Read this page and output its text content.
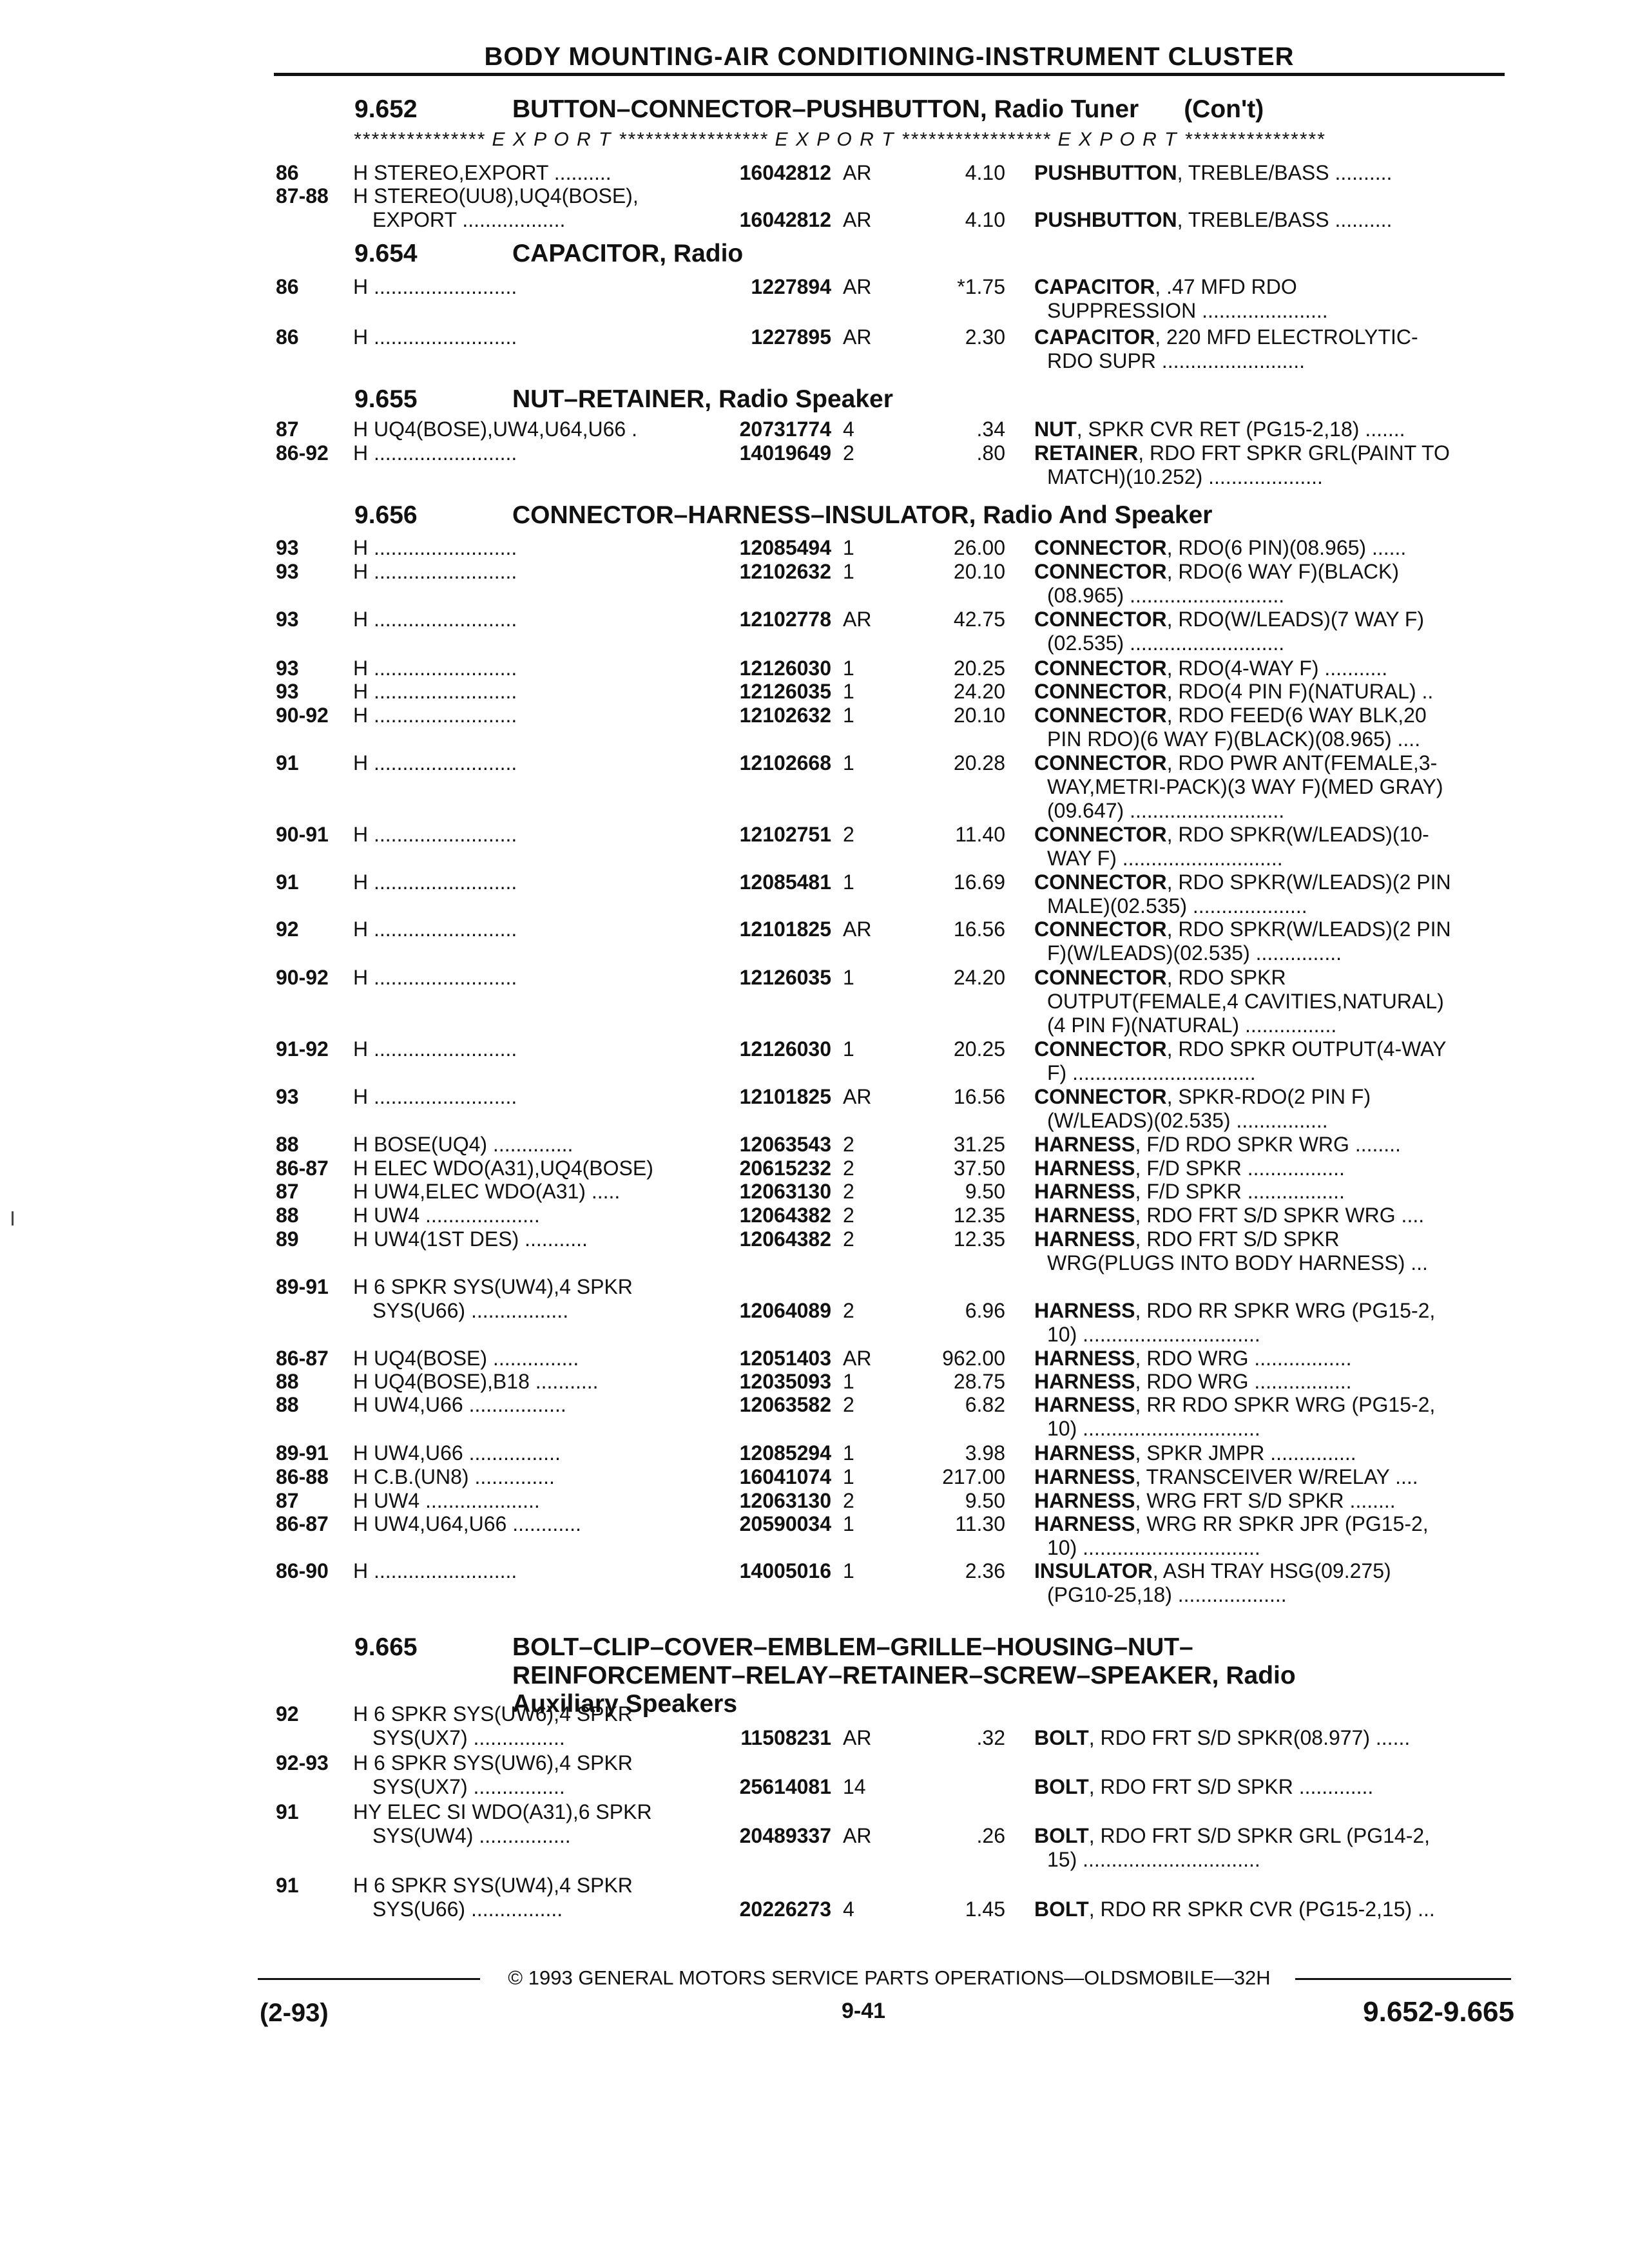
BODY MOUNTING-AIR CONDITIONING-INSTRUMENT CLUSTER
*************** E X P O R T ***************** E X P O R T ***************** E X P O R T ****************
9.652	BUTTON–CONNECTOR–PUSHBUTTON, Radio Tuner (Con't)
86	H STEREO,EXPORT ..........	16042812 AR	4.10 PUSHBUTTON, TREBLE/BASS ..........
87-88 H STEREO(UU8),UQ4(BOSE),
EXPORT ..................	16042812 AR	4.10 PUSHBUTTON, TREBLE/BASS ..........
9.654	CAPACITOR, Radio
86	H .........................	1227894 AR	*1.75 CAPACITOR, .47 MFD RDO
SUPPRESSION ......................
86	H .........................	1227895 AR	2.30 CAPACITOR, 220 MFD ELECTROLYTIC-
RDO SUPR .........................
9.655	NUT–RETAINER, Radio Speaker
87	H UQ4(BOSE),UW4,U64,U66 .	20731774 4	.34 NUT, SPKR CVR RET (PG15-2,18) .......
86-92 H .........................	14019649 2	.80 RETAINER, RDO FRT SPKR GRL(PAINT TO
MATCH)(10.252) ....................
9.656	CONNECTOR–HARNESS–INSULATOR, Radio And Speaker
93	H .........................	12085494 1	26.00 CONNECTOR, RDO(6 PIN)(08.965) ......
93	H .........................	12102632 1	20.10 CONNECTOR, RDO(6 WAY F)(BLACK)
(08.965) ...........................
93	H .........................	12102778 AR	42.75 CONNECTOR, RDO(W/LEADS)(7 WAY F)
(02.535) ...........................
93	H .........................	12126030 1	20.25 CONNECTOR, RDO(4-WAY F) ...........
93	H .........................	12126035 1	24.20 CONNECTOR, RDO(4 PIN F)(NATURAL) ..
90-92 H .........................	12102632 1	20.10 CONNECTOR, RDO FEED(6 WAY BLK,20
PIN RDO)(6 WAY F)(BLACK)(08.965) ....
91	H .........................	12102668 1	20.28 CONNECTOR, RDO PWR ANT(FEMALE,3-
WAY,METRI-PACK)(3 WAY F)(MED GRAY)
(09.647) ...........................
90-91 H .........................	12102751 2	11.40 CONNECTOR, RDO SPKR(W/LEADS)(10-
WAY F) ............................
91	H .........................	12085481 1	16.69 CONNECTOR, RDO SPKR(W/LEADS)(2 PIN
MALE)(02.535) ....................
92	H .........................	12101825 AR	16.56 CONNECTOR, RDO SPKR(W/LEADS)(2 PIN
F)(W/LEADS)(02.535) ...............
90-92 H .........................	12126035 1	24.20 CONNECTOR, RDO SPKR
OUTPUT(FEMALE,4 CAVITIES,NATURAL)
(4 PIN F)(NATURAL) ................
91-92 H .........................	12126030 1	20.25 CONNECTOR, RDO SPKR OUTPUT(4-WAY
F) ................................
93	H .........................	12101825 AR	16.56 CONNECTOR, SPKR-RDO(2 PIN F)
(W/LEADS)(02.535) ................
88	H BOSE(UQ4) ..............	12063543 2	31.25 HARNESS, F/D RDO SPKR WRG ........
86-87 H ELEC WDO(A31),UQ4(BOSE)	20615232 2	37.50 HARNESS, F/D SPKR .................
87	H UW4,ELEC WDO(A31) .....	12063130 2	9.50 HARNESS, F/D SPKR .................
88	H UW4 ....................	12064382 2	12.35 HARNESS, RDO FRT S/D SPKR WRG ....
89	H UW4(1ST DES) ...........	12064382 2	12.35 HARNESS, RDO FRT S/D SPKR
WRG(PLUGS INTO BODY HARNESS) ...
89-91 H 6 SPKR SYS(UW4),4 SPKR
SYS(U66) .................	12064089 2	6.96 HARNESS, RDO RR SPKR WRG (PG15-2,
10) ...............................
86-87 H UQ4(BOSE) ...............	12051403 AR	962.00 HARNESS, RDO WRG .................
88	H UQ4(BOSE),B18 ...........	12035093 1	28.75 HARNESS, RDO WRG .................
88	H UW4,U66 .................	12063582 2	6.82 HARNESS, RR RDO SPKR WRG (PG15-2,
10) ...............................
89-91 H UW4,U66 ................	12085294 1	3.98 HARNESS, SPKR JMPR ...............
86-88 H C.B.(UN8) ..............	16041074 1	217.00 HARNESS, TRANSCEIVER W/RELAY ....
87	H UW4 ....................	12063130 2	9.50 HARNESS, WRG FRT S/D SPKR ........
86-87 H UW4,U64,U66 ............	20590034 1	11.30 HARNESS, WRG RR SPKR JPR (PG15-2,
10) ...............................
86-90 H .........................	14005016 1	2.36 INSULATOR, ASH TRAY HSG(09.275)
(PG10-25,18) ...................
9.665	BOLT–CLIP–COVER–EMBLEM–GRILLE–HOUSING–NUT–
REINFORCEMENT–RELAY–RETAINER–SCREW–SPEAKER, Radio
Auxiliary Speakers
92	H 6 SPKR SYS(UW6),4 SPKR
SYS(UX7) ................	11508231 AR	.32 BOLT, RDO FRT S/D SPKR(08.977) ......
92-93 H 6 SPKR SYS(UW6),4 SPKR
SYS(UX7) ................	25614081 14	BOLT, RDO FRT S/D SPKR .............
91	HY ELEC SI WDO(A31),6 SPKR
SYS(UW4) ................	20489337 AR	.26 BOLT, RDO FRT S/D SPKR GRL (PG14-2,
15) ...............................
91	H 6 SPKR SYS(UW4),4 SPKR
SYS(U66) ................	20226273 4	1.45 BOLT, RDO RR SPKR CVR (PG15-2,15) ...
© 1993 GENERAL MOTORS SERVICE PARTS OPERATIONS—OLDSMOBILE—32H
(2-93)	9-41	9.652-9.665
